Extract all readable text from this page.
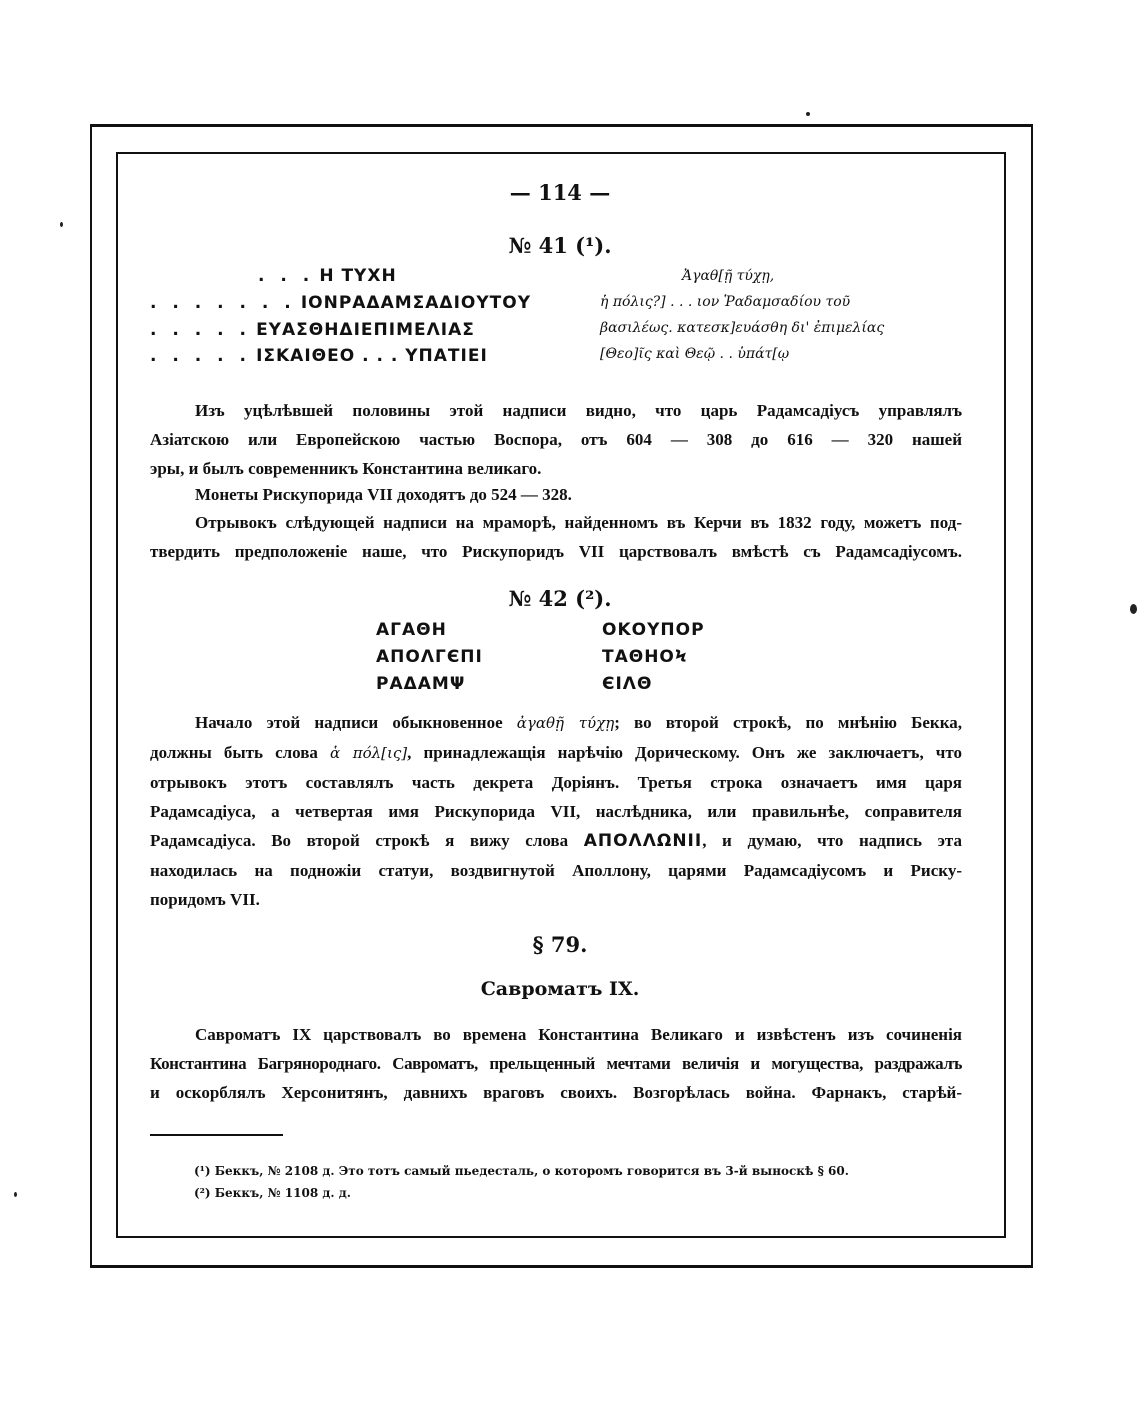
— 114 —
№ 41 (¹).
. . . Η ΤΥΧΗ
. . . . . . . ΙΟΝΡΑΔΑΜΣΑΔΙΟΥΤΟΥ
. . . . . ΕΥΑΣΘΗΔΙΕΠΙΜΕΛΙΑΣ
. . . . . ΙΣΚΑΙΘΕΟ . . . ΥΠΑΤΙΕΙ
Ἀγαθ[ῇ τύχῃ,
ἡ πόλις?] . . . ιον Ῥαδαμσαδίου τοῦ
βασιλέως. κατεσκ]ευάσθη δι' ἐπιμελίας
[Θεο]ῖς καὶ Θεῷ . . ὑπάτ[ῳ
Изъ уцѣлѣвшей половины этой надписи видно, что царь Радамсадіусъ управлялъ
Азіатскою или Европейскою частью Воспора, отъ 604 — 308 до 616 — 320 нашей
эры, и былъ современникъ Константина великаго.
Монеты Рискупорида VII доходятъ до 524 — 328.
Отрывокъ слѣдующей надписи на мраморѣ, найденномъ въ Керчи въ 1832 году, можетъ под-
твердить предположеніе наше, что Рискупоридъ VII царствовалъ вмѣстѣ съ Радамсадіусомъ.
№ 42 (²).
ΑΓΑΘΗ
ΑΠΟΛΓЄΠΙ
ΡΑΔΑΜΨ
ΟΚΟΥΠΟΡ
ΤΑΘΗΟϞ
ЄΙΛΘ
Начало этой надписи обыкновенное ἀγαθῇ τύχῃ; во второй строкѣ, по мнѣнію Бекка,
должны быть слова ἁ πόλ[ις], принадлежащія нарѣчію Дорическому. Онъ же заключаетъ, что
отрывокъ этотъ составлялъ часть декрета Доріянъ. Третья строка означаетъ имя царя
Радамсадіуса, а четвертая имя Рискупорида VII, наслѣдника, или правильнѣе, соправителя
Радамсадіуса. Во второй строкѣ я вижу слова ΑΠΟΛΛΩΝΙΙ, и думаю, что надпись эта
находилась на подножіи статуи, воздвигнутой Аполлону, царями Радамсадіусомъ и Риску-
поридомъ VII.
§ 79.
Савроматъ IX.
Савроматъ IX царствовалъ во времена Константина Великаго и извѣстенъ изъ сочиненія
Константина Багрянороднаго. Савроматъ, прельщенный мечтами величія и могущества, раздражалъ
и оскорблялъ Херсонитянъ, давнихъ враговъ своихъ. Возгорѣлась война. Фарнакъ, старѣй-
(¹) Беккъ, № 2108 д. Это тотъ самый пьедесталь, о которомъ говорится въ 3-й выноскѣ § 60.
(²) Беккъ, № 1108 д. д.
